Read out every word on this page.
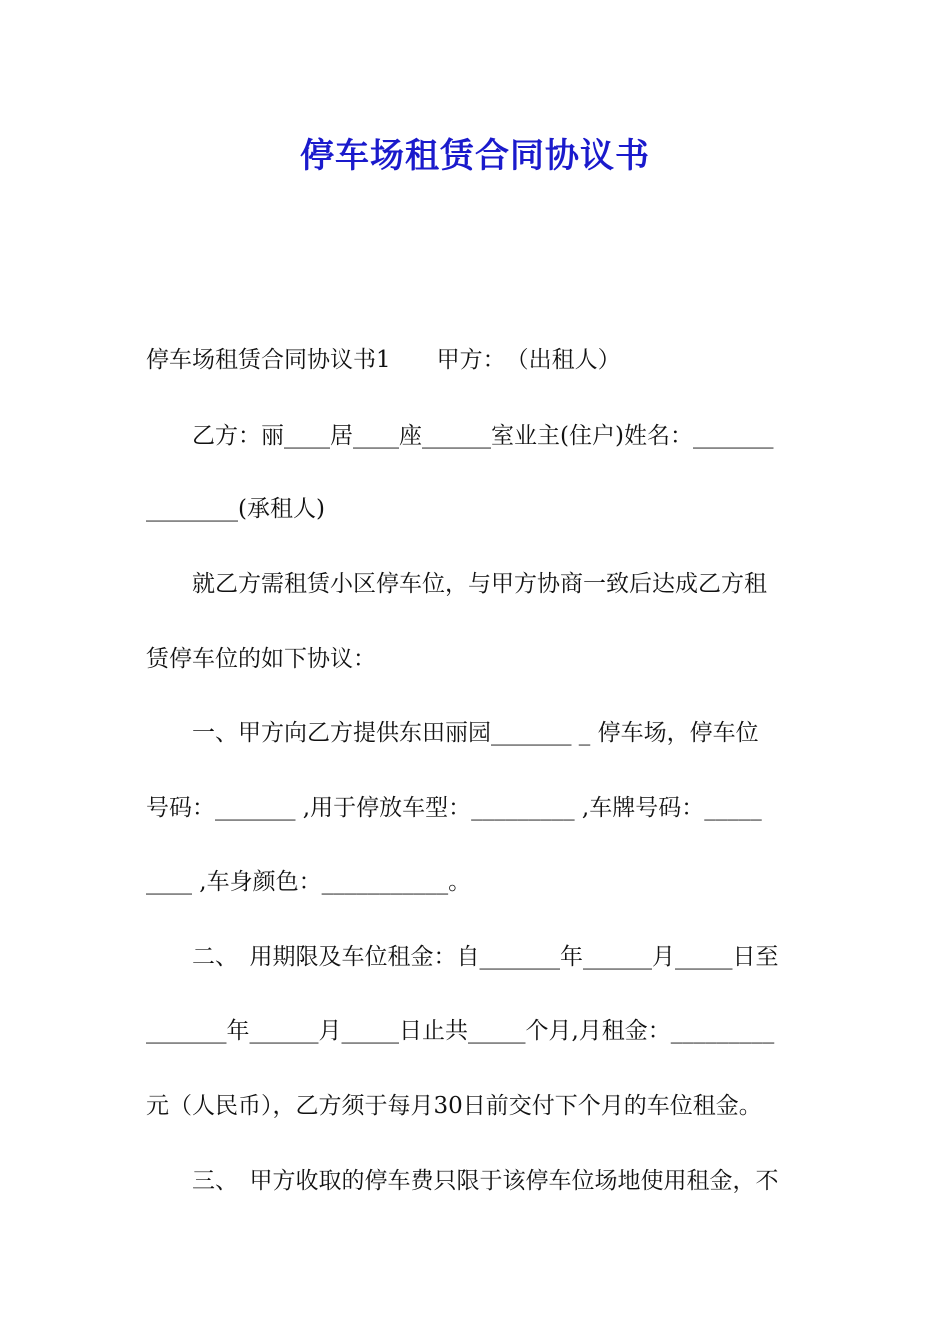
停车场租赁合同协议书
停车场租赁合同协议书1　　甲方：　（出租人）
　　乙方：丽____居____座______室业主(住户)姓名：_______
________(承租人)
　　就乙方需租赁小区停车位，与甲方协商一致后达成乙方租
赁停车位的如下协议：
　　一、甲方向乙方提供东田丽园_______ _ 停车场，停车位
号码：_______ ,用于停放车型：_________ ,车牌号码：_____
____ ,车身颜色：___________。
　　二、　用期限及车位租金：自_______年______月_____日至
_______年______月_____日止共_____个月,月租金：_________
元（人民币），乙方须于每月30日前交付下个月的车位租金。
　　三、　甲方收取的停车费只限于该停车位场地使用租金，不
